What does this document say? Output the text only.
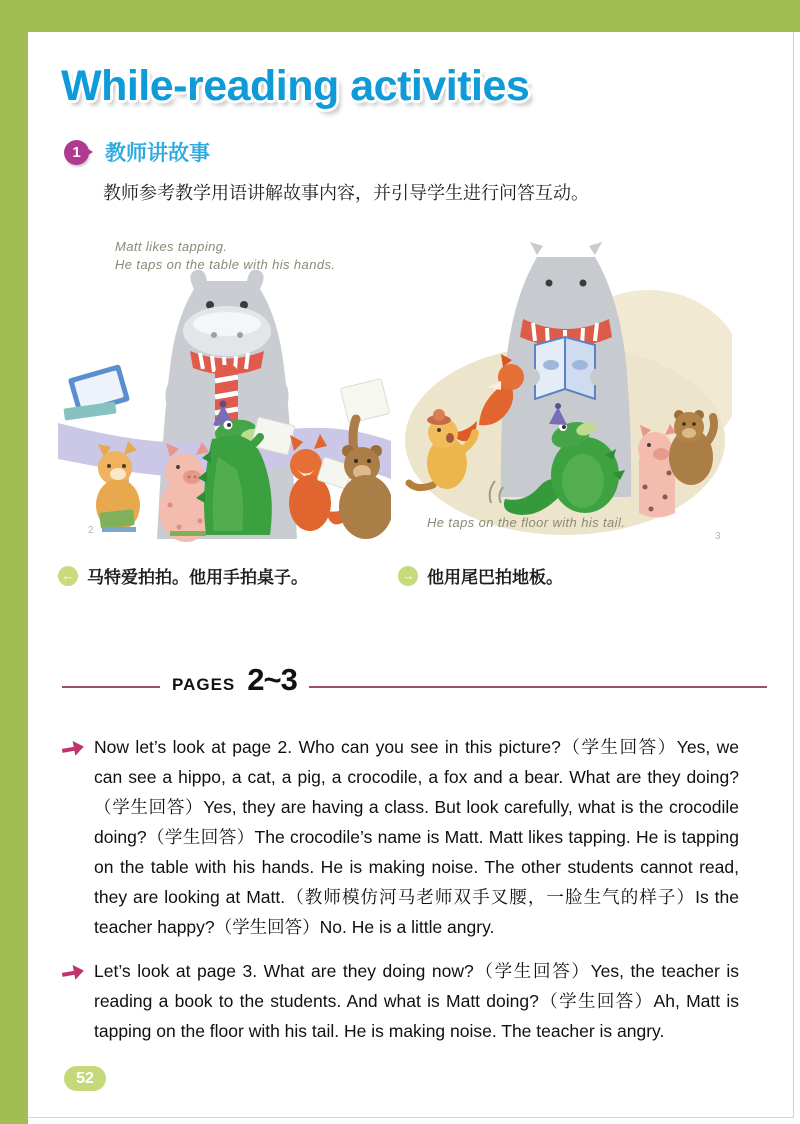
While-reading activities
1	教师讲故事
教师参考教学用语讲解故事内容，并引导学生进行问答互动。
Matt likes tapping.
He taps on the table with his hands.
2
He taps on the floor with his tail.
3
← 马特爱拍拍。他用手拍桌子。	→ 他用尾巴拍地板。
PAGES 2~3
Now let’s look at page 2. Who can you see in this picture?（学生回答）Yes, we can see a hippo, a cat, a pig, a crocodile, a fox and a bear. What are they doing?（学生回答）Yes, they are having a class. But look carefully, what is the crocodile doing?（学生回答）The crocodile’s name is Matt. Matt likes tapping. He is tapping on the table with his hands. He is making noise. The other students cannot read, they are looking at Matt.（教师模仿河马老师双手叉腰，一脸生气的样子）Is the teacher happy?（学生回答）No. He is a little angry.
Let’s look at page 3. What are they doing now?（学生回答）Yes, the teacher is reading a book to the students. And what is Matt doing?（学生回答）Ah, Matt is tapping on the floor with his tail. He is making noise. The teacher is angry.
52
